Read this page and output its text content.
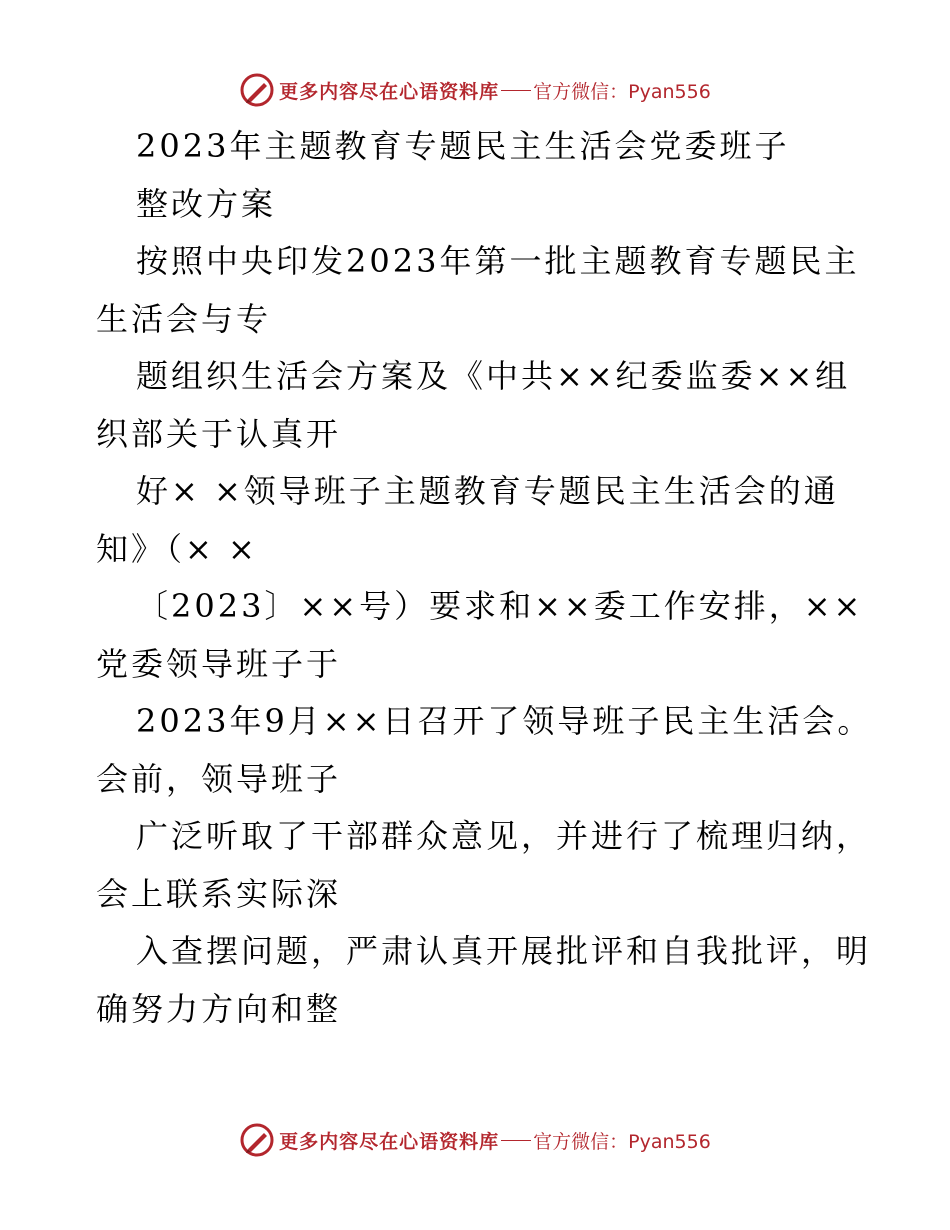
更多内容尽在心语资料库 官方微信：Pyan556
2023年主题教育专题民主生活会党委班子
整改方案
按照中央印发2023年第一批主题教育专题民主
生活会与专
题组织生活会方案及《中共××纪委监委××组
织部关于认真开
好× ×领导班子主题教育专题民主生活会的通
知》（× ×
〔2023〕××号）要求和××委工作安排，××
党委领导班子于
2023年9月××日召开了领导班子民主生活会。
会前，领导班子
广泛听取了干部群众意见，并进行了梳理归纳，
会上联系实际深
入查摆问题，严肃认真开展批评和自我批评，明
确努力方向和整
更多内容尽在心语资料库 官方微信：Pyan556
